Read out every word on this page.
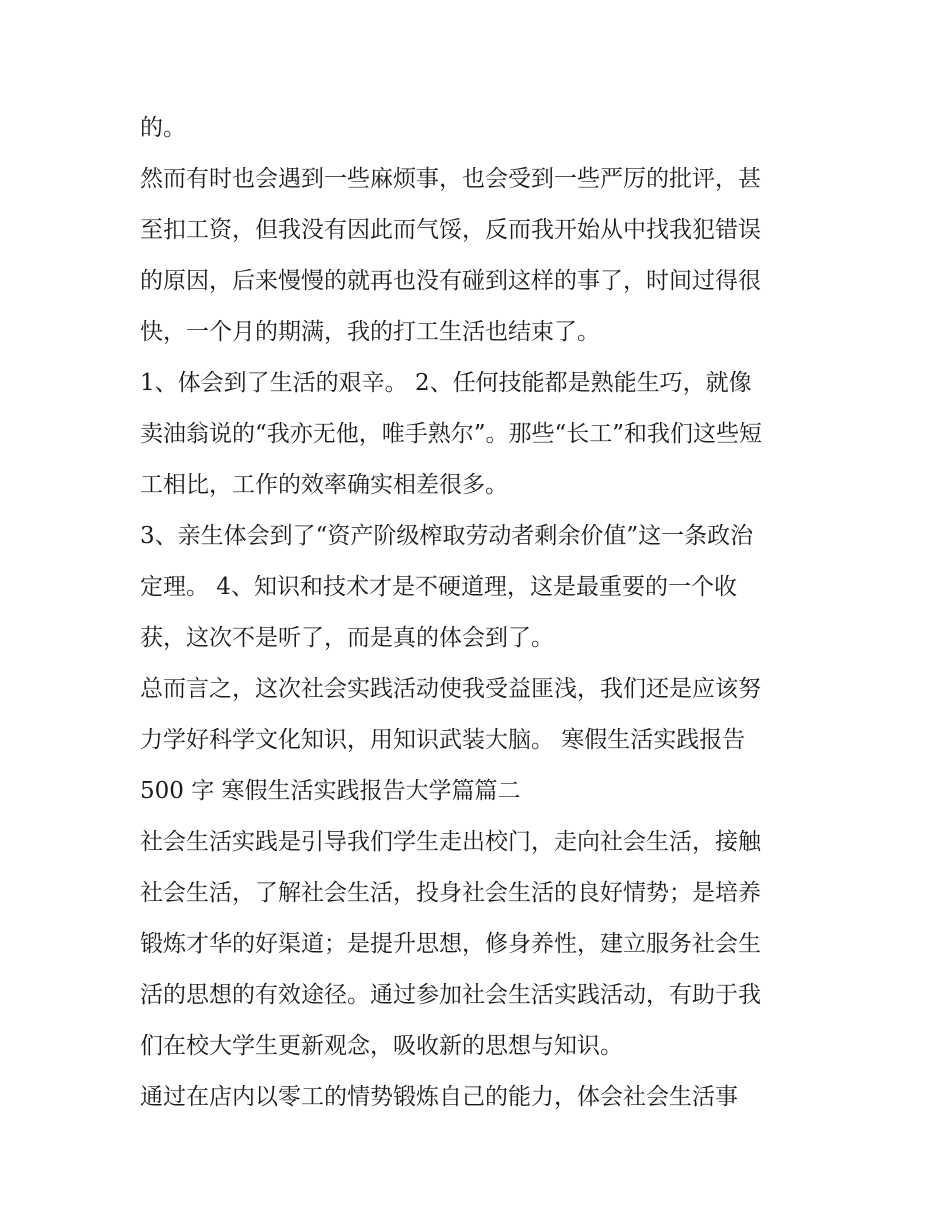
的。
然而有时也会遇到一些麻烦事，也会受到一些严厉的批评，甚
至扣工资，但我没有因此而气馁，反而我开始从中找我犯错误
的原因，后来慢慢的就再也没有碰到这样的事了，时间过得很
快，一个月的期满，我的打工生活也结束了。
1、体会到了生活的艰辛。 2、任何技能都是熟能生巧，就像
卖油翁说的“我亦无他，唯手熟尔”。那些“长工”和我们这些短
工相比，工作的效率确实相差很多。
3、亲生体会到了“资产阶级榨取劳动者剩余价值”这一条政治
定理。 4、知识和技术才是不硬道理，这是最重要的一个收
获，这次不是听了，而是真的体会到了。
总而言之，这次社会实践活动使我受益匪浅，我们还是应该努
力学好科学文化知识，用知识武装大脑。 寒假生活实践报告
500 字 寒假生活实践报告大学篇篇二
社会生活实践是引导我们学生走出校门，走向社会生活，接触
社会生活，了解社会生活，投身社会生活的良好情势；是培养
锻炼才华的好渠道；是提升思想，修身养性，建立服务社会生
活的思想的有效途径。通过参加社会生活实践活动，有助于我
们在校大学生更新观念，吸收新的思想与知识。
通过在店内以零工的情势锻炼自己的能力，体会社会生活事
